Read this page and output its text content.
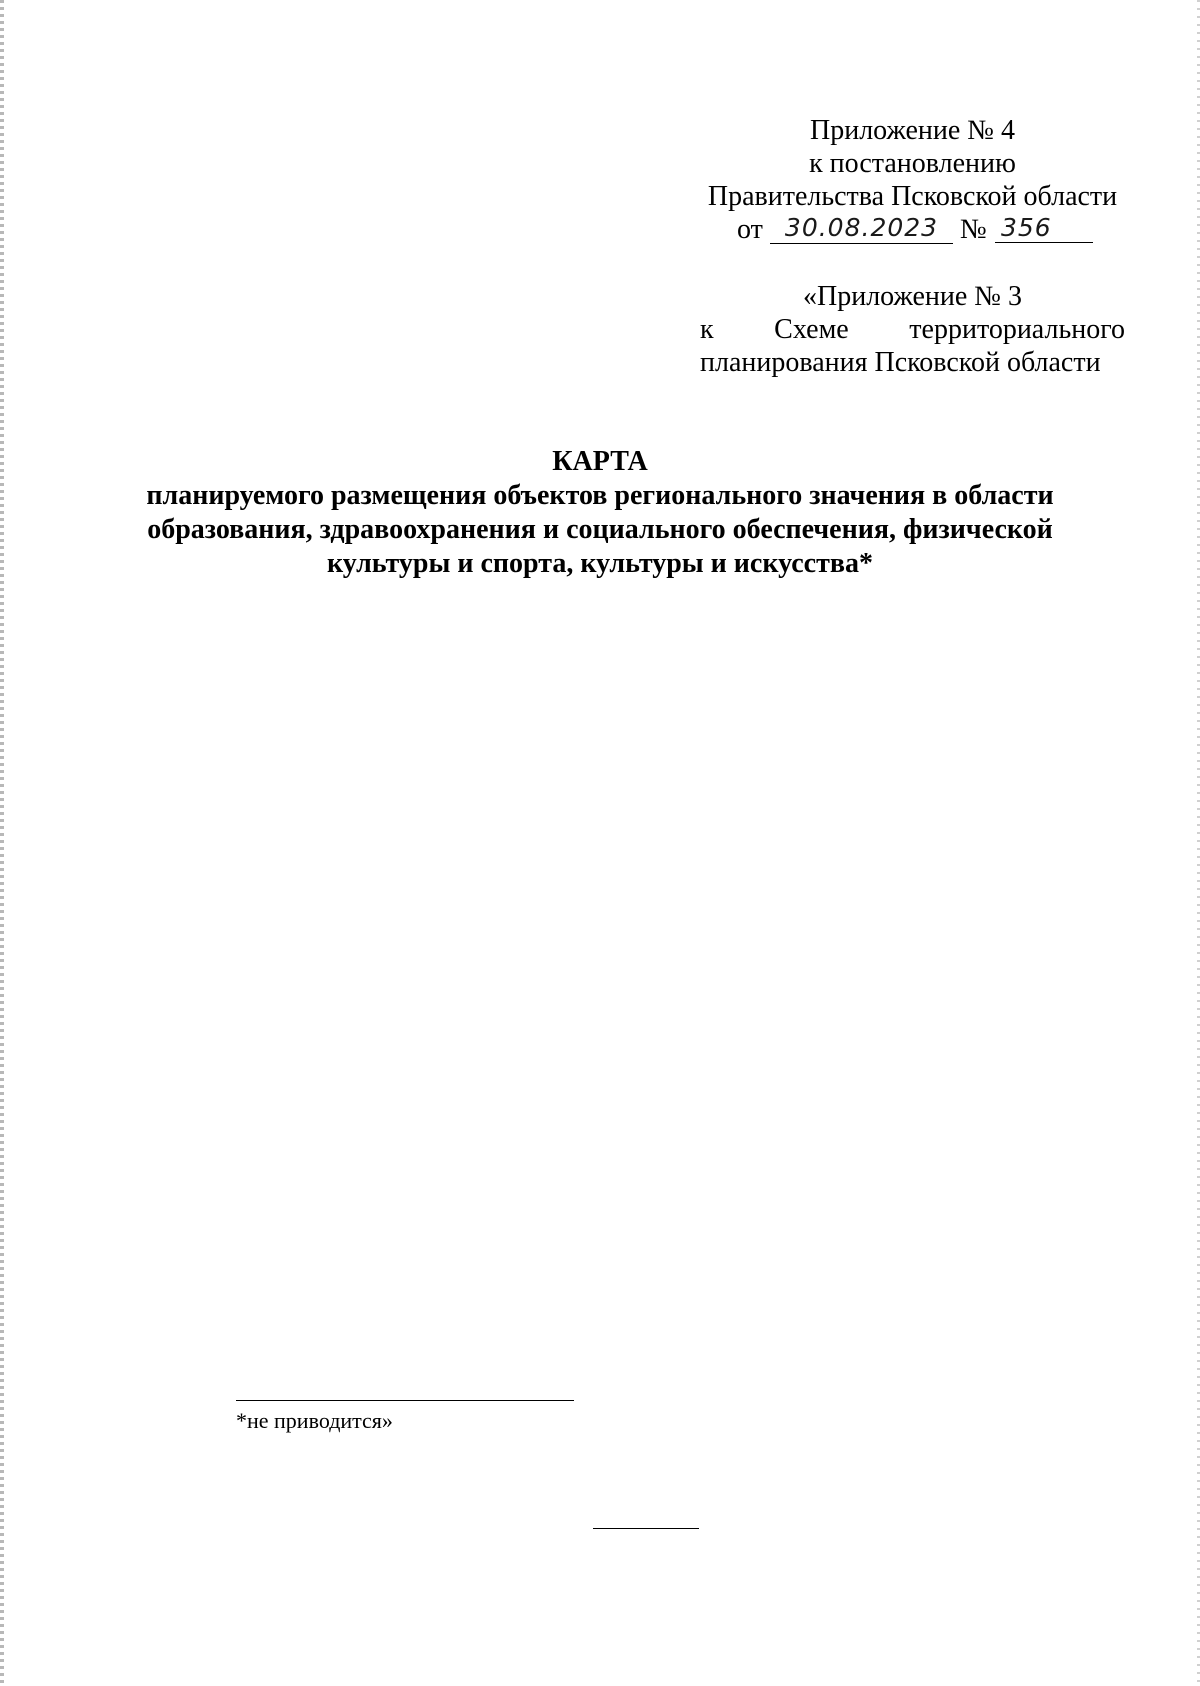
Приложение № 4
к постановлению
Правительства Псковской области
от 30.08.2023 № 356
«Приложение № 3
к Схеме территориального
планирования Псковской области
КАРТА
планируемого размещения объектов регионального значения в области
образования, здравоохранения и социального обеспечения, физической
культуры и спорта, культуры и искусства*
*не приводится»
